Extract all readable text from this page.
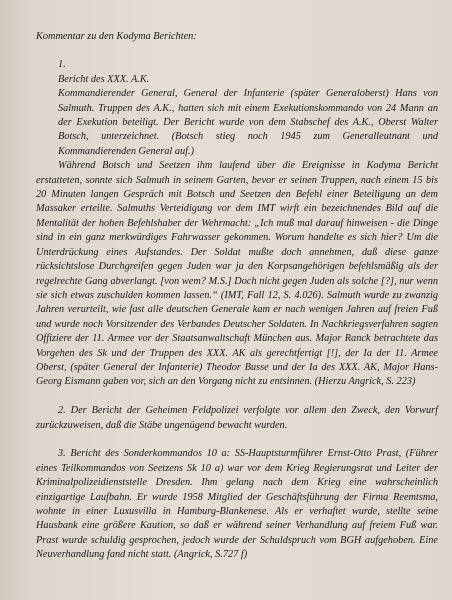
Kommentar zu den Kodyma Berichten:

1.

Bericht des XXX. A.K.

Kommandierender General, General der Infanterie (später Generaloberst) Hans von Salmuth. Truppen des A.K., hatten sich mit einem Exekutionskommando von 24 Mann an der Exekution beteiligt. Der Bericht wurde von dem Stabschef des A.K., Oberst Walter Botsch, unterzeichnet. (Botsch stieg noch 1945 zum Generalleutnant und Kommandierenden General auf.)

Während Botsch und Seetzen ihm laufend über die Ereignisse in Kodyma Bericht erstatteten, sonnte sich Salmuth in seinem Garten, bevor er seinen Truppen, nach einem 15 bis 20 Minuten langen Gespräch mit Botsch und Seetzen den Befehl einer Beteiligung an dem Massaker erteilte. Salmuths Verteidigung vor dem IMT wirft ein bezeichnendes Bild auf die Mentalität der hohen Befehlshaber der Wehrmacht: „Ich muß mal darauf hinweisen - die Dinge sind in ein ganz merkwürdiges Fahrwasser gekommen. Worum handelte es sich hier? Um die Unterdrückung eines Aufstandes. Der Soldat mußte doch annehmen, daß diese ganze rücksichtslose Durchgreifen gegen Juden war ja den Korpsangehörigen befehlsmäßig als der regelrechte Gang abverlangt. [von wem? M.S.] Doch nicht gegen Juden als solche [?], nur wenn sie sich etwas zuschulden kommen lassen.“ (IMT, Fall 12, S. 4.026). Salmuth wurde zu zwanzig Jahren verurteilt, wie fast alle deutschen Generale kam er nach wenigen Jahren auf freien Fuß und wurde noch Vorsitzender des Verbandes Deutscher Soldaten. In Nachkriegsverfahren sagten Offiziere der 11. Armee vor der Staatsanwaltschaft München aus. Major Ranck betrachtete das Vorgehen des Sk und der Truppen des XXX. AK als gerechtfertigt [!], der Ia der 11. Armee Oberst, (später General der Infanterie) Theodor Busse und der Ia des XXX. AK, Major Hans-Georg Eismann gaben vor, sich an den Vorgang nicht zu entsinnen. (Hierzu Angrick, S. 223)

2. Der Bericht der Geheimen Feldpolizei verfolgte vor allem den Zweck, den Vorwurf zurückzuweisen, daß die Stäbe ungenügend bewacht wurden.

3. Bericht des Sonderkommandos 10 a: SS-Hauptsturmführer Ernst-Otto Prast, (Führer eines Teilkommandos von Seetzens Sk 10 a) war vor dem Krieg Regierungsrat und Leiter der Kriminalpolizeidienststelle Dresden. Ihm gelang nach dem Krieg eine wahrscheinlich einzigartige Laufbahn. Er wurde 1958 Mitglied der Geschäftsführung der Firma Reemtsma, wohnte in einer Luxusvilla in Hamburg-Blankenese. Als er verhaftet wurde, stellte seine Hausbank eine größere Kaution, so daß er während seiner Verhandlung auf freiem Fuß war. Prast wurde schuldig gesprochen, jedoch wurde der Schuldspruch vom BGH aufgehoben. Eine Neuverhandlung fand nicht statt. (Angrick, S.727 f)
